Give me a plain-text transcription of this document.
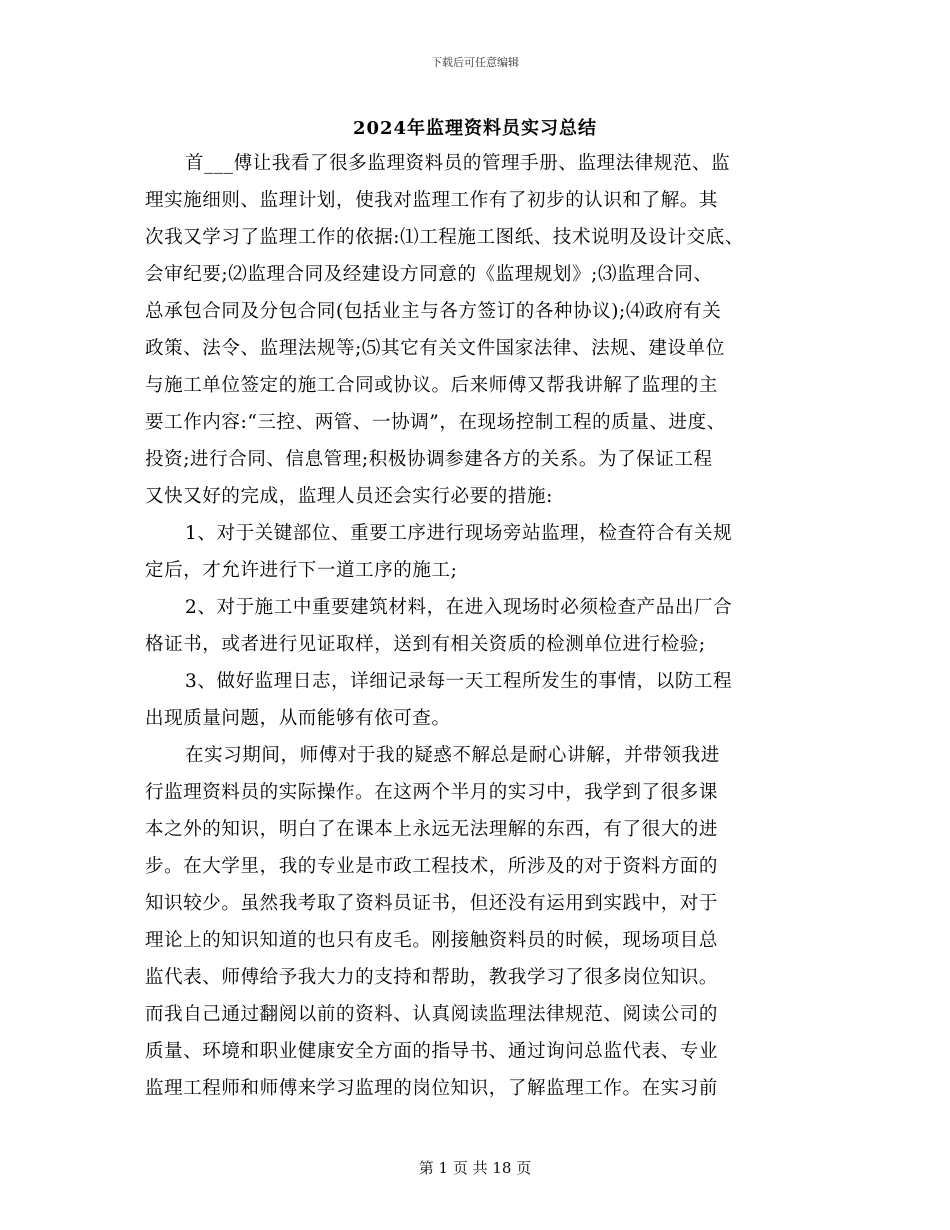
下载后可任意编辑
2024年监理资料员实习总结
首___傅让我看了很多监理资料员的管理手册、监理法律规范、监
理实施细则、监理计划，使我对监理工作有了初步的认识和了解。其
次我又学习了监理工作的依据:⑴工程施工图纸、技术说明及设计交底、
会审纪要;⑵监理合同及经建设方同意的《监理规划》;⑶监理合同、
总承包合同及分包合同(包括业主与各方签订的各种协议);⑷政府有关
政策、法令、监理法规等;⑸其它有关文件国家法律、法规、建设单位
与施工单位签定的施工合同或协议。后来师傅又帮我讲解了监理的主
要工作内容:“三控、两管、一协调”，在现场控制工程的质量、进度、
投资;进行合同、信息管理;积极协调参建各方的关系。为了保证工程
又快又好的完成，监理人员还会实行必要的措施:
1、对于关键部位、重要工序进行现场旁站监理，检查符合有关规
定后，才允许进行下一道工序的施工;
2、对于施工中重要建筑材料，在进入现场时必须检查产品出厂合
格证书，或者进行见证取样，送到有相关资质的检测单位进行检验;
3、做好监理日志，详细记录每一天工程所发生的事情，以防工程
出现质量问题，从而能够有依可查。
在实习期间，师傅对于我的疑惑不解总是耐心讲解，并带领我进
行监理资料员的实际操作。在这两个半月的实习中，我学到了很多课
本之外的知识，明白了在课本上永远无法理解的东西，有了很大的进
步。在大学里，我的专业是市政工程技术，所涉及的对于资料方面的
知识较少。虽然我考取了资料员证书，但还没有运用到实践中，对于
理论上的知识知道的也只有皮毛。刚接触资料员的时候，现场项目总
监代表、师傅给予我大力的支持和帮助，教我学习了很多岗位知识。
而我自己通过翻阅以前的资料、认真阅读监理法律规范、阅读公司的
质量、环境和职业健康安全方面的指导书、通过询问总监代表、专业
监理工程师和师傅来学习监理的岗位知识，了解监理工作。在实习前
第 1 页 共 18 页
